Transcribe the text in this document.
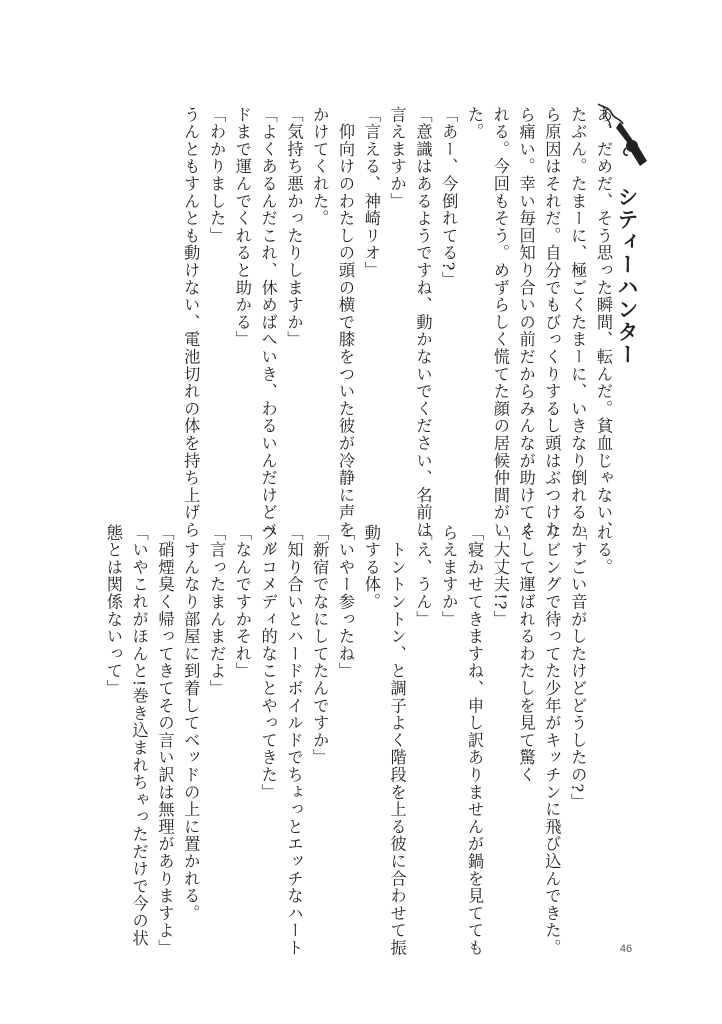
シティーハンター
あ、だめだ、そう思った瞬間、転んだ。貧血じゃない、
たぶん。たまーに、極ごくたまーに、いきなり倒れるか
ら原因はそれだ。自分でもびっくりするし頭はぶつけた
ら痛い。幸い毎回知り合いの前だからみんなが助けてく
れる。今回もそう。めずらしく慌てた顔の居候仲間がい
た。
「あー、今倒れてる?」
「意識はあるようですね、動かないでください、名前は
言えますか」
「言える、神崎リオ」
　仰向けのわたしの頭の横で膝をついた彼が冷静に声を
かけてくれた。
「気持ち悪かったりしますか」
「よくあるんだこれ、休めばへいき、わるいんだけどベッ
ドまで運んでくれると助かる」
「わかりました」
うんともすんとも動けない、電池切れの体を持ち上げら
れる。
「すごい音がしたけどどうしたの?」
リビングで待ってた少年がキッチンに飛び込んできた。
そして運ばれるわたしを見て驚く
「大丈夫!?」
「寝かせてきますね、申し訳ありませんが鍋を見てても
らえますか」
「え、うん」
　トントントン、と調子よく階段を上る彼に合わせて振
動する体。
「いやー参ったね」
「新宿でなにしてたんですか」
「知り合いとハードボイルドでちょっとエッチなハート
フルコメディ的なことやってきた」
「なんですかそれ」
「言ったまんまだよ」
　すんなり部屋に到着してベッドの上に置かれる。
「硝煙臭く帰ってきてその言い訳は無理がありますよ」
「いやこれがほんと!巻き込まれちゃっただけで今の状
態とは関係ないって」
46
